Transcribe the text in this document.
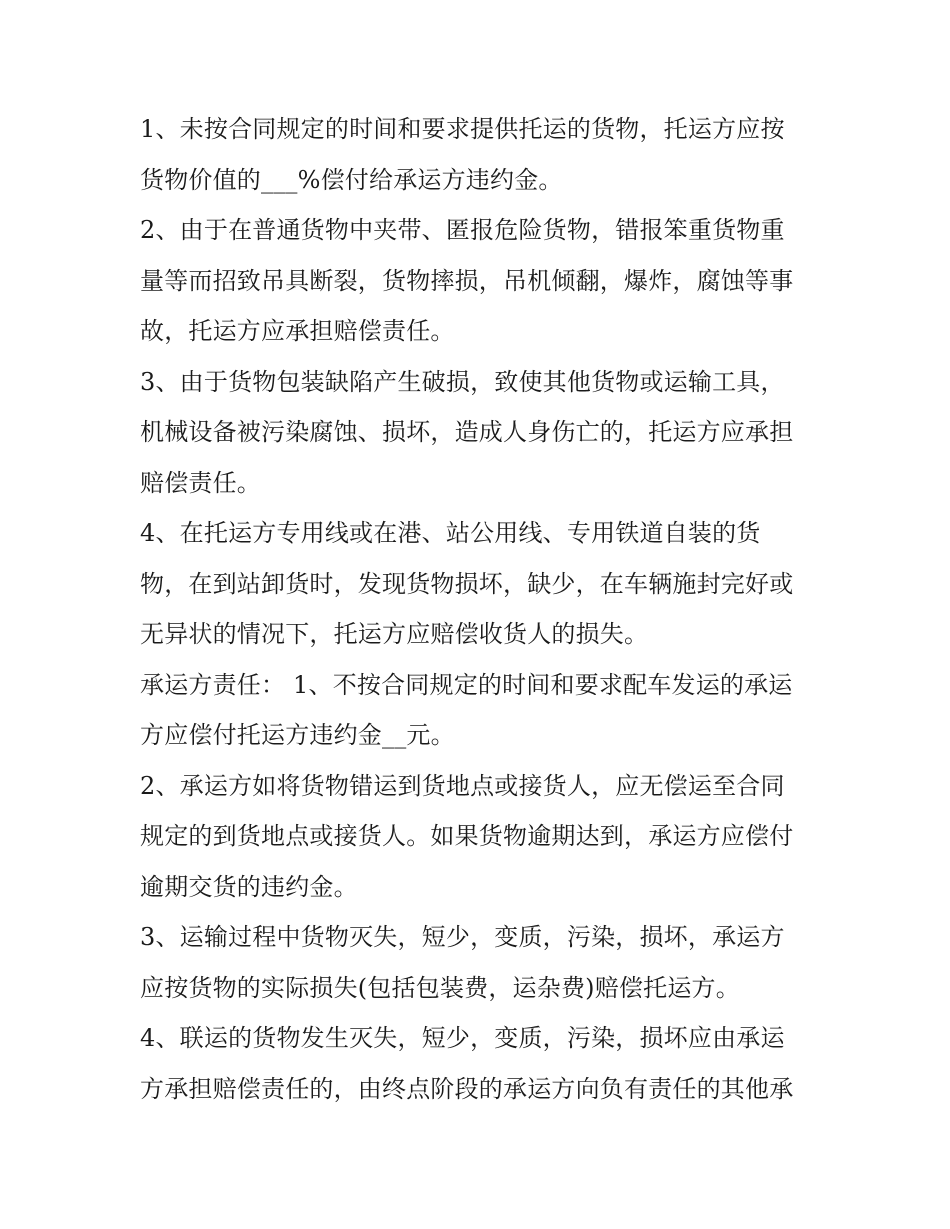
1、未按合同规定的时间和要求提供托运的货物，托运方应按
货物价值的___%偿付给承运方违约金。
2、由于在普通货物中夹带、匿报危险货物，错报笨重货物重
量等而招致吊具断裂，货物摔损，吊机倾翻，爆炸，腐蚀等事
故，托运方应承担赔偿责任。
3、由于货物包装缺陷产生破损，致使其他货物或运输工具，
机械设备被污染腐蚀、损坏，造成人身伤亡的，托运方应承担
赔偿责任。
4、在托运方专用线或在港、站公用线、专用铁道自装的货
物，在到站卸货时，发现货物损坏，缺少，在车辆施封完好或
无异状的情况下，托运方应赔偿收货人的损失。
承运方责任： 1、不按合同规定的时间和要求配车发运的承运
方应偿付托运方违约金__元。
2、承运方如将货物错运到货地点或接货人，应无偿运至合同
规定的到货地点或接货人。如果货物逾期达到，承运方应偿付
逾期交货的违约金。
3、运输过程中货物灭失，短少，变质，污染，损坏，承运方
应按货物的实际损失(包括包装费，运杂费)赔偿托运方。
4、联运的货物发生灭失，短少，变质，污染，损坏应由承运
方承担赔偿责任的，由终点阶段的承运方向负有责任的其他承
